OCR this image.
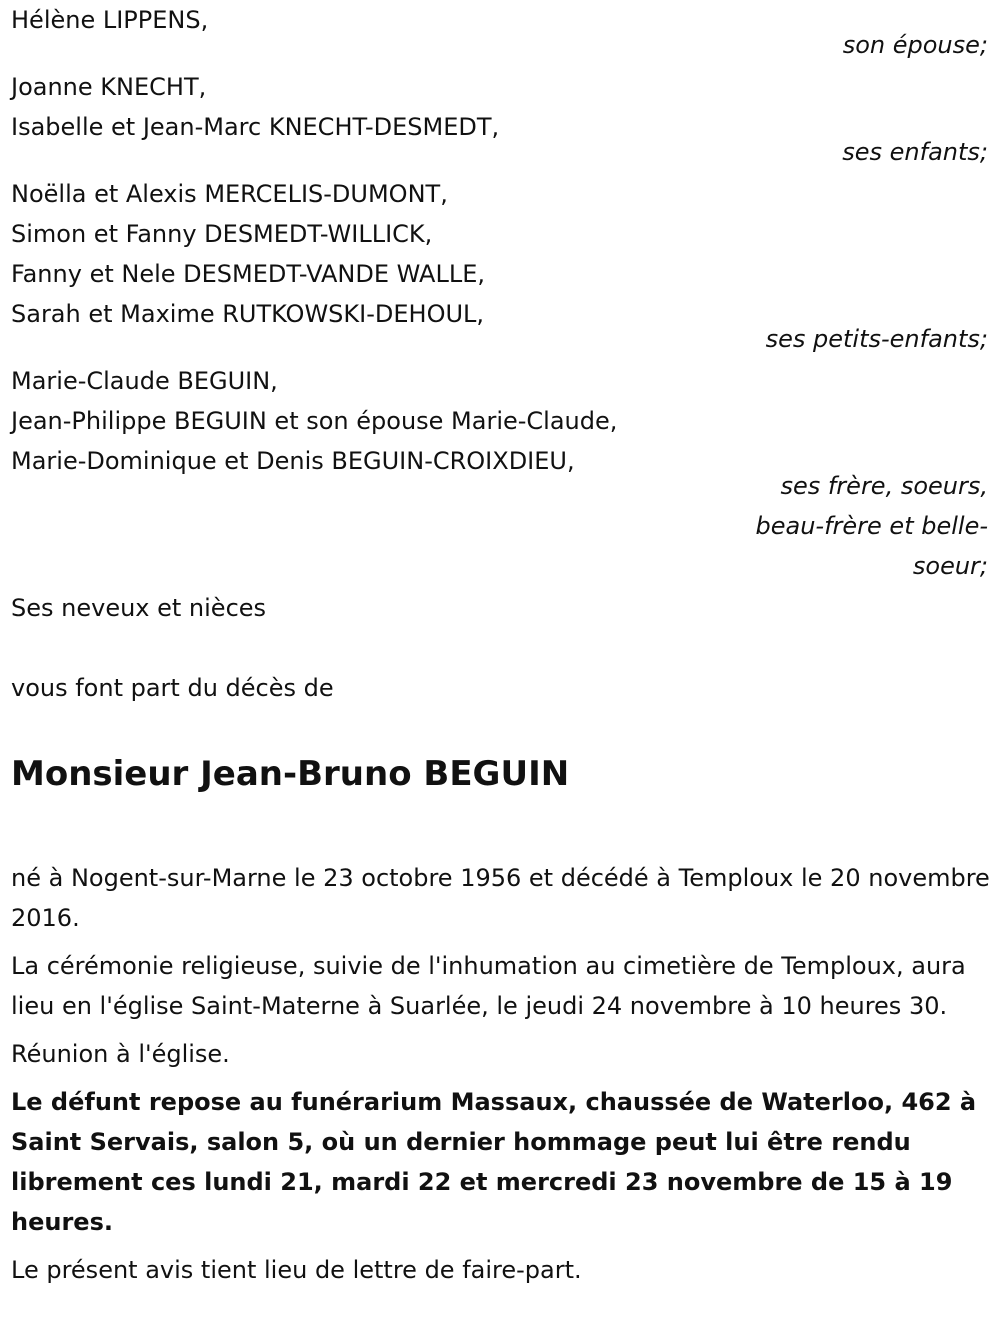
Hélène LIPPENS,
son épouse;
Joanne KNECHT,
Isabelle et Jean-Marc KNECHT-DESMEDT,
ses enfants;
Noëlla et Alexis MERCELIS-DUMONT,
Simon et Fanny DESMEDT-WILLICK,
Fanny et Nele DESMEDT-VANDE WALLE,
Sarah et Maxime RUTKOWSKI-DEHOUL,
ses petits-enfants;
Marie-Claude BEGUIN,
Jean-Philippe BEGUIN et son épouse Marie-Claude,
Marie-Dominique et Denis BEGUIN-CROIXDIEU,
ses frère, soeurs,
beau-frère et belle-
soeur;
Ses neveux et nièces
vous font part du décès de
Monsieur Jean-Bruno BEGUIN
né à Nogent-sur-Marne le 23 octobre 1956 et décédé à Temploux le 20 novembre 2016.
La cérémonie religieuse, suivie de l'inhumation au cimetière de Temploux, aura lieu en l'église Saint-Materne à Suarlée, le jeudi 24 novembre à 10 heures 30.
Réunion à l'église.
Le défunt repose au funérarium Massaux, chaussée de Waterloo, 462 à Saint Servais, salon 5, où un dernier hommage peut lui être rendu librement ces lundi 21, mardi 22 et mercredi 23 novembre de 15 à 19 heures.
Le présent avis tient lieu de lettre de faire-part.
